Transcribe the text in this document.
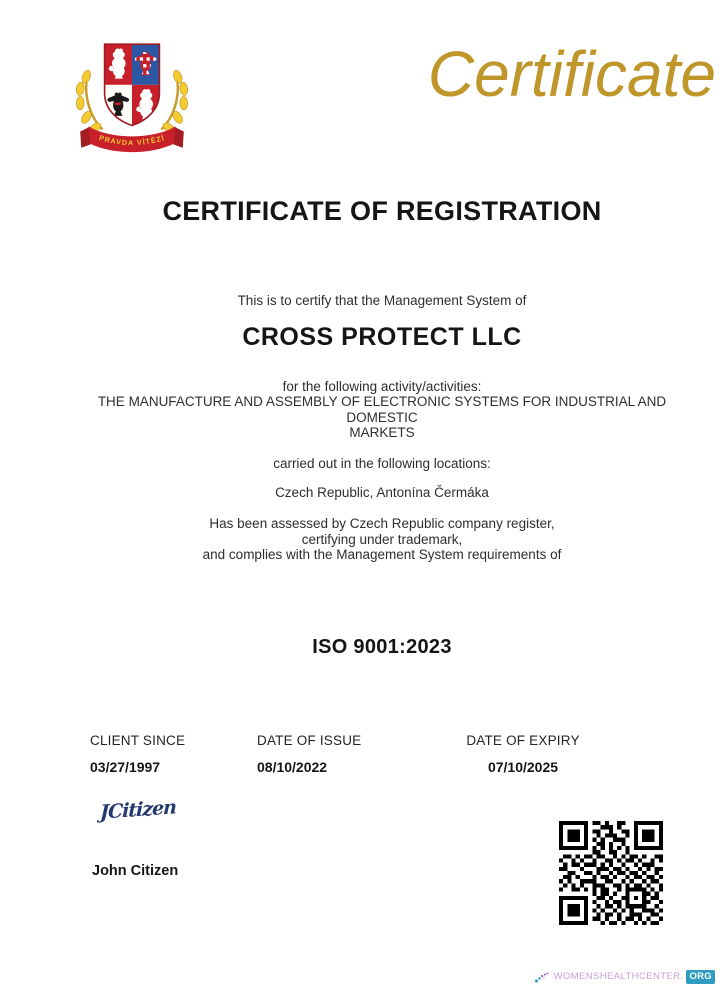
PRAVDA VÍTĚZÍ
Certificate
CERTIFICATE OF REGISTRATION
This is to certify that the Management System of
CROSS PROTECT LLC
for the following activity/activities:
THE MANUFACTURE AND ASSEMBLY OF ELECTRONIC SYSTEMS FOR INDUSTRIAL AND
DOMESTIC
MARKETS
carried out in the following locations:
Czech Republic, Antonína Čermáka
Has been assessed by Czech Republic company register,
certifying under trademark,
and complies with the Management System requirements of
ISO 9001:2023
CLIENT SINCE
03/27/1997
DATE OF ISSUE
08/10/2022
DATE OF EXPIRY
07/10/2025
JCitizen
John Citizen
WOMENSHEALTHCENTER. ORG
